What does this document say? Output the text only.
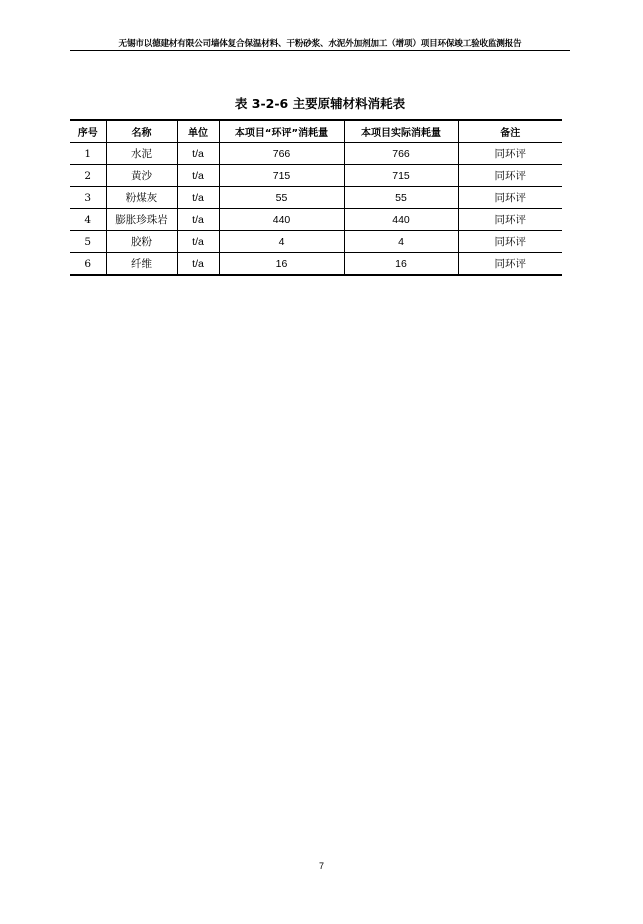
无锡市以德建材有限公司墙体复合保温材料、干粉砂浆、水泥外加剂加工（增项）项目环保竣工验收监测报告
表 3-2-6 主要原辅材料消耗表
序号	名称	单位	本项目“环评”消耗量	本项目实际消耗量	备注
1	水泥	t/a	766	766	同环评
2	黄沙	t/a	715	715	同环评
3	粉煤灰	t/a	55	55	同环评
4	膨胀珍珠岩	t/a	440	440	同环评
5	胶粉	t/a	4	4	同环评
6	纤维	t/a	16	16	同环评
7
